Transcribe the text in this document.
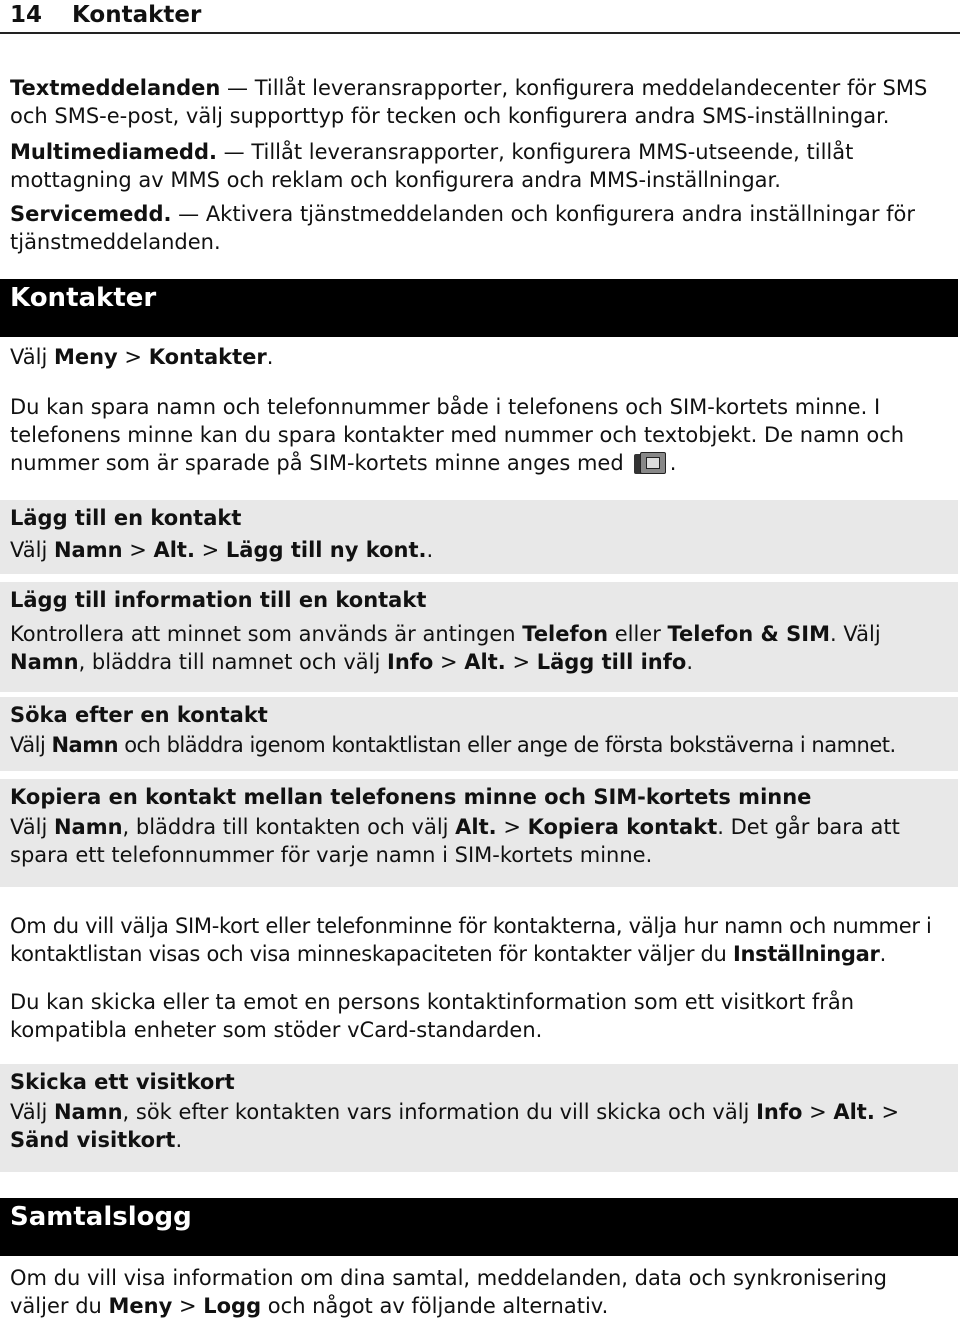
14 Kontakter

Textmeddelanden — Tillåt leveransrapporter, konfigurera meddelandecenter för SMS och SMS-e-post, välj supporttyp för tecken och konfigurera andra SMS-inställningar.

Multimediamedd. — Tillåt leveransrapporter, konfigurera MMS-utseende, tillåt mottagning av MMS och reklam och konfigurera andra MMS-inställningar.

Servicemedd. — Aktivera tjänstmeddelanden och konfigurera andra inställningar för tjänstmeddelanden.

Kontakter

Välj Meny > Kontakter.

Du kan spara namn och telefonnummer både i telefonens och SIM-kortets minne. I telefonens minne kan du spara kontakter med nummer och textobjekt. De namn och nummer som är sparade på SIM-kortets minne anges med .

Lägg till en kontakt

Välj Namn > Alt. > Lägg till ny kont..

Lägg till information till en kontakt

Kontrollera att minnet som används är antingen Telefon eller Telefon & SIM. Välj Namn, bläddra till namnet och välj Info > Alt. > Lägg till info.

Söka efter en kontakt

Välj Namn och bläddra igenom kontaktlistan eller ange de första bokstäverna i namnet.

Kopiera en kontakt mellan telefonens minne och SIM-kortets minne

Välj Namn, bläddra till kontakten och välj Alt. > Kopiera kontakt. Det går bara att spara ett telefonnummer för varje namn i SIM-kortets minne.

Om du vill välja SIM-kort eller telefonminne för kontakterna, välja hur namn och nummer i kontaktlistan visas och visa minneskapaciteten för kontakter väljer du Inställningar.

Du kan skicka eller ta emot en persons kontaktinformation som ett visitkort från kompatibla enheter som stöder vCard-standarden.

Skicka ett visitkort

Välj Namn, sök efter kontakten vars information du vill skicka och välj Info > Alt. > Sänd visitkort.

Samtalslogg

Om du vill visa information om dina samtal, meddelanden, data och synkronisering väljer du Meny > Logg och något av följande alternativ.
